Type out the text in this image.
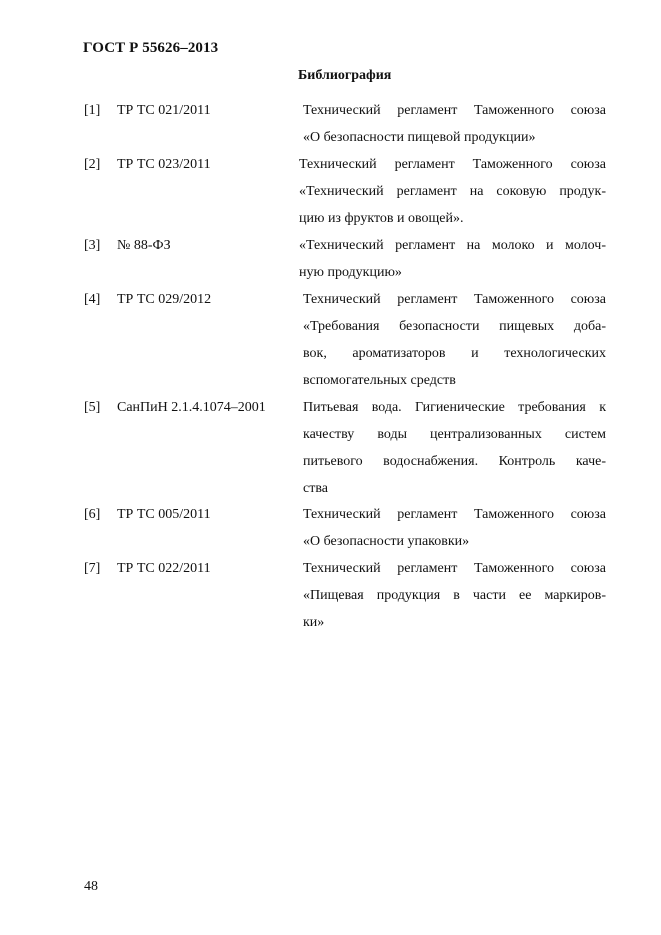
ГОСТ Р 55626–2013
Библиография
[1] ТР ТС 021/2011	Технический регламент Таможенного союза
«О безопасности пищевой продукции»
[2] ТР ТС 023/2011	Технический регламент Таможенного союза
«Технический регламент на соковую продук-
цию из фруктов и овощей».
[3] № 88-ФЗ	«Технический регламент на молоко и молоч-
ную продукцию»
[4] ТР ТС 029/2012	Технический регламент Таможенного союза
«Требования безопасности пищевых доба-
вок, ароматизаторов и технологических
вспомогательных средств
[5] СанПиН 2.1.4.1074–2001	Питьевая вода. Гигиенические требования к
качеству воды централизованных систем
питьевого водоснабжения. Контроль каче-
ства
[6] ТР ТС 005/2011	Технический регламент Таможенного союза
«О безопасности упаковки»
[7] ТР ТС 022/2011	Технический регламент Таможенного союза
«Пищевая продукция в части ее маркиров-
ки»
48
